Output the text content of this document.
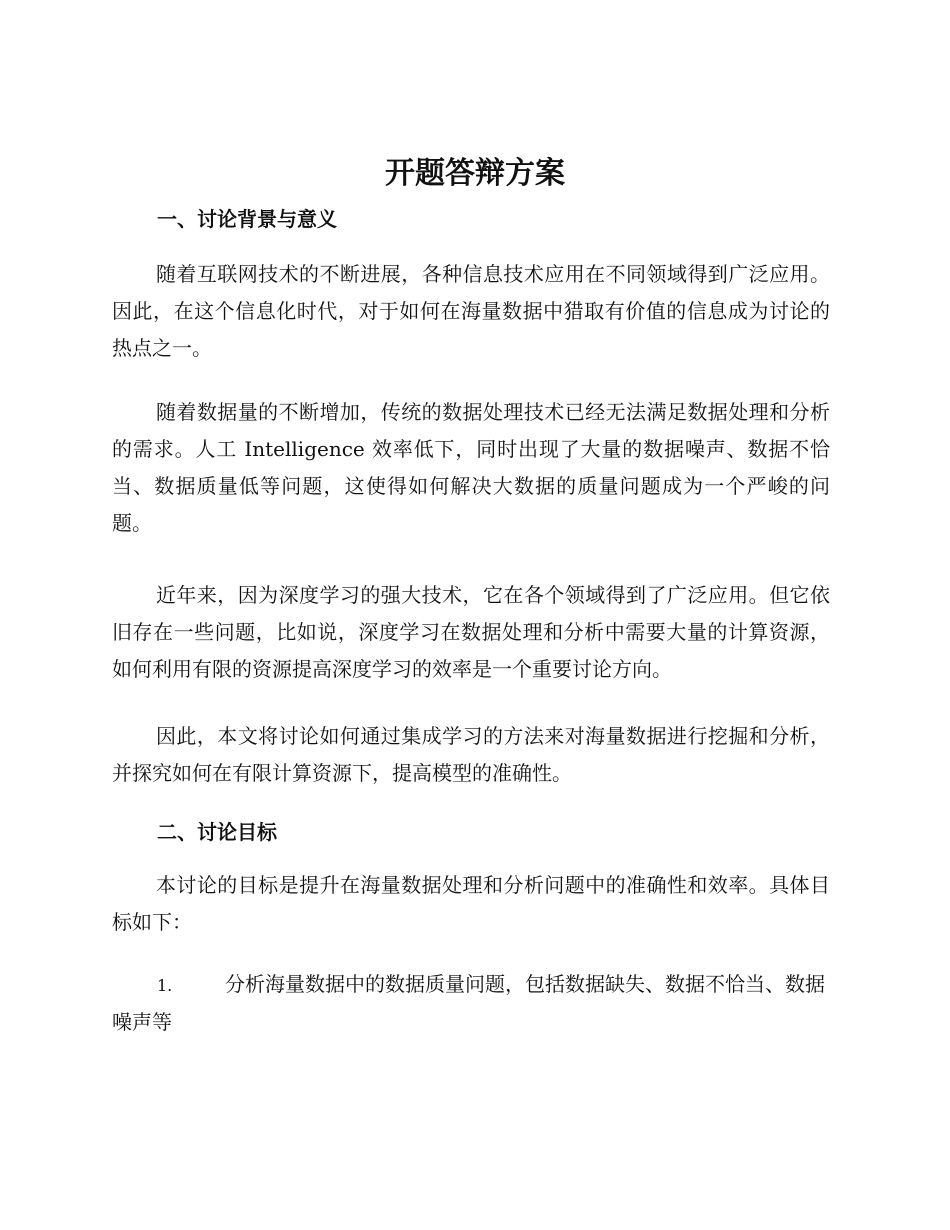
开题答辩方案
一、讨论背景与意义

随着互联网技术的不断进展，各种信息技术应用在不同领域得到广泛应用。因此，在这个信息化时代，对于如何在海量数据中猎取有价值的信息成为讨论的热点之一。

随着数据量的不断增加，传统的数据处理技术已经无法满足数据处理和分析的需求。人工 Intelligence 效率低下，同时出现了大量的数据噪声、数据不恰当、数据质量低等问题，这使得如何解决大数据的质量问题成为一个严峻的问题。

近年来，因为深度学习的强大技术，它在各个领域得到了广泛应用。但它依旧存在一些问题，比如说，深度学习在数据处理和分析中需要大量的计算资源，如何利用有限的资源提高深度学习的效率是一个重要讨论方向。

因此，本文将讨论如何通过集成学习的方法来对海量数据进行挖掘和分析，并探究如何在有限计算资源下，提高模型的准确性。

二、讨论目标

本讨论的目标是提升在海量数据处理和分析问题中的准确性和效率。具体目标如下：

1.	分析海量数据中的数据质量问题，包括数据缺失、数据不恰当、数据噪声等
